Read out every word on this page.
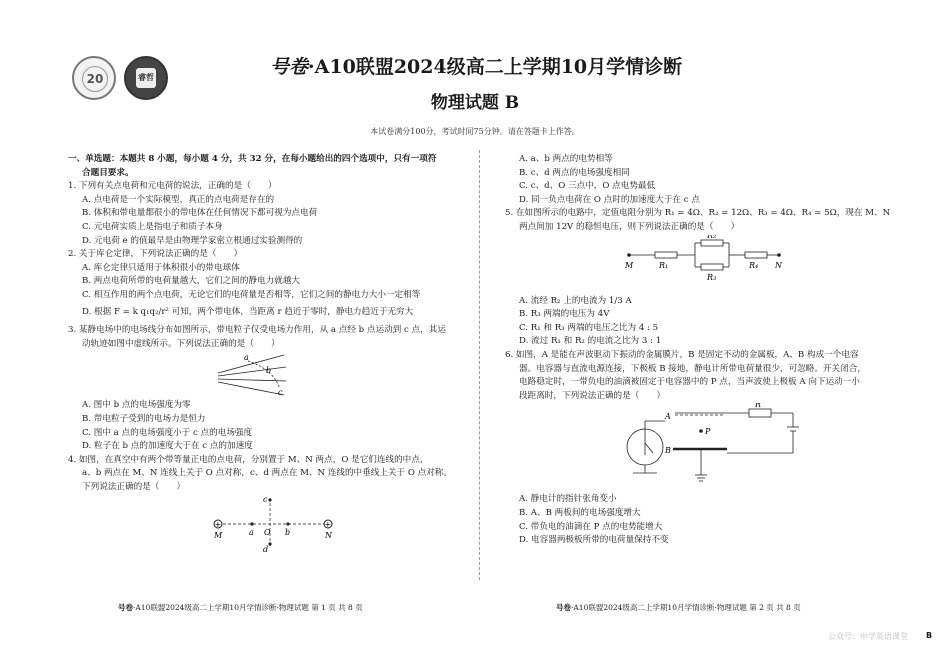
20	睿哲	号卷·A10联盟2024级高二上学期10月学情诊断
物理试题 B
本试卷满分100分，考试时间75分钟。请在答题卡上作答。

一、单选题：本题共 8 小题，每小题 4 分，共 32 分，在每小题给出的四个选项中，只有一项符

合题目要求。

1. 下列有关点电荷和元电荷的说法，正确的是（　　）

A. 点电荷是一个实际模型，真正的点电荷是存在的

B. 体积和带电量都很小的带电体在任何情况下都可视为点电荷

C. 元电荷实质上是指电子和质子本身

D. 元电荷 e 的值最早是由物理学家密立根通过实验测得的

2. 关于库仑定律，下列说法正确的是（　　）

A. 库仑定律只适用于体积很小的带电球体

B. 两点电荷所带的电荷量越大，它们之间的静电力就越大

C. 相互作用的两个点电荷，无论它们的电荷量是否相等，它们之间的静电力大小一定相等

D. 根据 F = k q₁q₂/r² 可知，两个带电体，当距离 r 趋近于零时，静电力趋近于无穷大

3. 某静电场中的电场线分布如图所示，带电粒子仅受电场力作用，从 a 点经 b 点运动到 c 点，其运

动轨迹如图中虚线所示。下列说法正确的是（　　）

a
b
c

A. 图中 b 点的电场强度为零

B. 带电粒子受到的电场力是恒力

C. 图中 a 点的电场强度小于 c 点的电场强度

D. 粒子在 b 点的加速度大于在 c 点的加速度

4. 如图，在真空中有两个带等量正电的点电荷，分别置于 M、N 两点，O 是它们连线的中点，

a、b 两点在 M、N 连线上关于 O 点对称，c、d 两点在 M、N 连线的中垂线上关于 O 点对称。

下列说法正确的是（　　）

+	+
M	a O b	N
c
d

A. a、b 两点的电势相等

B. c、d 两点的电场强度相同

C. c、d、O 三点中，O 点电势最低

D. 同一负点电荷在 O 点时的加速度大于在 c 点

5. 在如图所示的电路中，定值电阻分别为 R₁ = 4Ω、R₂ = 12Ω、R₃ = 4Ω、R₄ = 5Ω，现在 M、N

两点间加 12V 的稳恒电压，则下列说法正确的是（　　）

M	R₁
R₂
R₃
R₄ N

A. 流经 R₂ 上的电流为 1/3 A

B. R₃ 两端的电压为 4V

C. R₁ 和 R₃ 两端的电压之比为 4 : 5

D. 流过 R₁ 和 R₂ 的电流之比为 3 : 1

6. 如图，A 是能在声波驱动下振动的金属膜片，B 是固定不动的金属板，A、B 构成一个电容

器。电容器与直流电源连接，下极板 B 接地，静电计所带电荷量很少，可忽略。开关闭合，

电路稳定时，一带负电的油滴被固定于电容器中的 P 点，当声波使上极板 A 向下运动一小

段距离时，下列说法正确的是（　　）

A
P
B
R

A. 静电计的指针张角变小

B. A、B 两板间的电场强度增大

C. 带负电的油滴在 P 点的电势能增大

D. 电容器两极板所带的电荷量保持不变

号卷·A10联盟2024级高二上学期10月学情诊断·物理试题 第 1 页 共 8 页	号卷·A10联盟2024级高二上学期10月学情诊断·物理试题 第 2 页 共 8 页
公众号：中学英语课堂 B
